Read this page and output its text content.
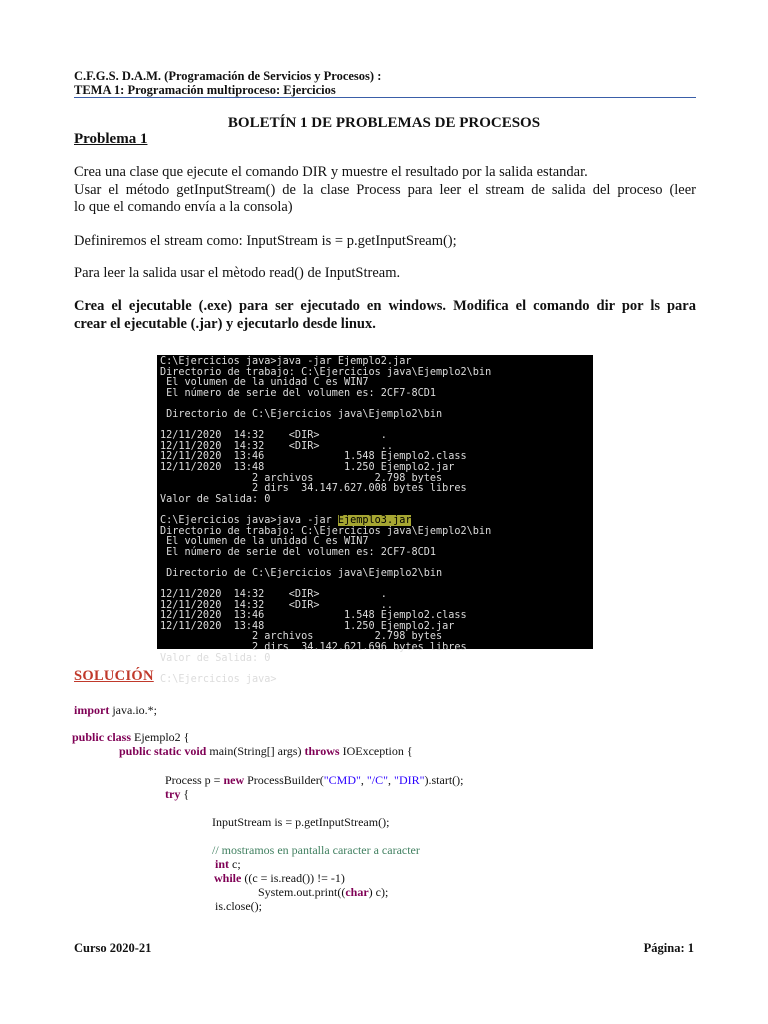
C.F.G.S. D.A.M. (Programación de Servicios y Procesos) :
TEMA 1: Programación multiproceso: Ejercicios
BOLETÍN 1 DE PROBLEMAS DE PROCESOS
Problema 1
Crea una clase que ejecute el comando DIR y muestre el resultado por la salida estandar.
Usar el método getInputStream() de la clase Process para leer el stream de salida del proceso (leer
lo que el comando envía a la consola)
Definiremos el stream como: InputStream is = p.getInputSream();
Para leer la salida usar el mètodo read() de InputStream.
Crea el ejecutable (.exe) para ser ejecutado en windows. Modifica el comando dir por ls para
crear el ejecutable (.jar) y ejecutarlo desde linux.
C:\Ejercicios java>java -jar Ejemplo2.jar
Directorio de trabajo: C:\Ejercicios java\Ejemplo2\bin
El volumen de la unidad C es WIN7
El número de serie del volumen es: 2CF7-8CD1

Directorio de C:\Ejercicios java\Ejemplo2\bin

12/11/2020  14:32    <DIR>          .
12/11/2020  14:32    <DIR>          ..
12/11/2020  13:46             1.548 Ejemplo2.class
12/11/2020  13:48             1.250 Ejemplo2.jar
2 archivos          2.798 bytes
2 dirs  34.147.627.008 bytes libres
Valor de Salida: 0

C:\Ejercicios java>java -jar Ejemplo3.jar
Directorio de trabajo: C:\Ejercicios java\Ejemplo2\bin
El volumen de la unidad C es WIN7
El número de serie del volumen es: 2CF7-8CD1

Directorio de C:\Ejercicios java\Ejemplo2\bin

12/11/2020  14:32    <DIR>          .
12/11/2020  14:32    <DIR>          ..
12/11/2020  13:46             1.548 Ejemplo2.class
12/11/2020  13:48             1.250 Ejemplo2.jar
2 archivos          2.798 bytes
2 dirs  34.142.621.696 bytes libres
Valor de Salida: 0

C:\Ejercicios java>
SOLUCIÓN
import java.io.*;
public class Ejemplo2 {
public static void main(String[] args) throws IOException {
Process p = new ProcessBuilder("CMD", "/C", "DIR").start();
try {
InputStream is = p.getInputStream();
// mostramos en pantalla caracter a caracter
int c;
while ((c = is.read()) != -1)
System.out.print((char) c);
is.close();
Curso 2020-21	Página: 1
